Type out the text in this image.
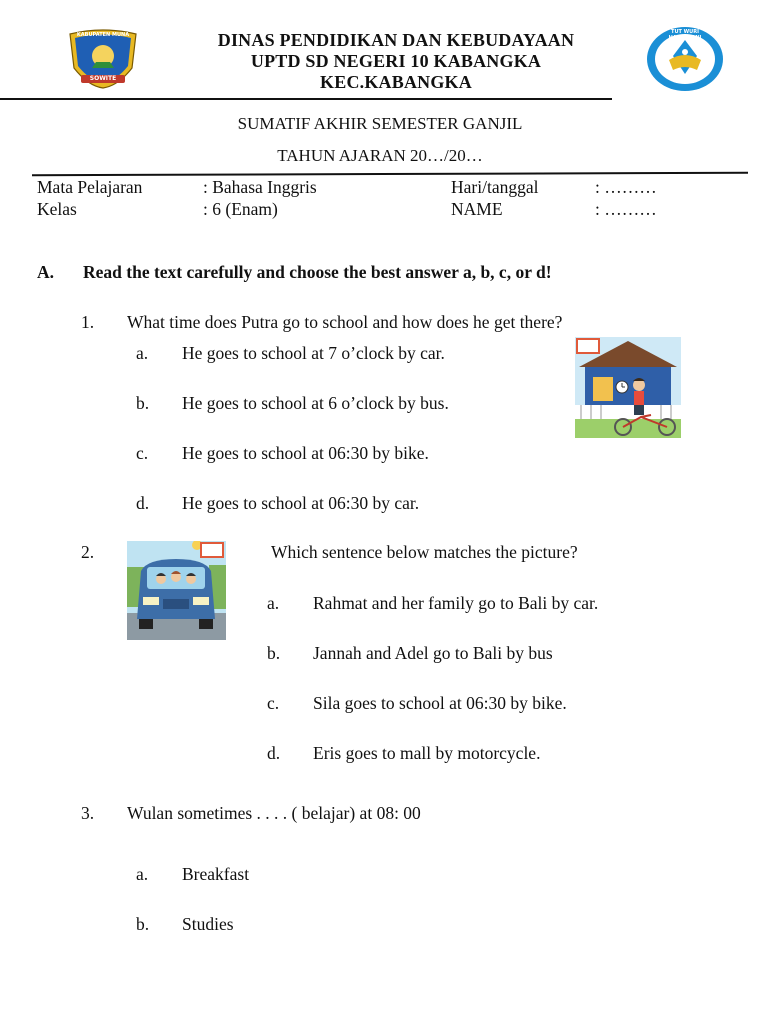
KABUPATEN MUNA
SOWITE
TUT WURI HANDAYANI
DINAS PENDIDIKAN DAN KEBUDAYAAN
UPTD SD NEGERI 10 KABANGKA
KEC.KABANGKA
SUMATIF AKHIR SEMESTER GANJIL
TAHUN AJARAN 20…/20…
Mata Pelajaran	: Bahasa Inggris	Hari/tanggal	: ………
Kelas	: 6 (Enam)	NAME	: ………
A. Read the text carefully and choose the best answer a, b, c, or d!
1. What time does Putra go to school and how does he get there?
a. He goes to school at 7 o’clock by car.
b. He goes to school at 6 o’clock by bus.
c. He goes to school at 06:30 by bike.
d. He goes to school at 06:30 by car.
2.	Which sentence below matches the picture?
a. Rahmat and her family go to Bali by car.
b. Jannah and Adel go to Bali by bus
c. Sila goes to school at 06:30 by bike.
d. Eris goes to mall by motorcycle.
3. Wulan sometimes . . . . ( belajar) at 08: 00
a. Breakfast
b. Studies
